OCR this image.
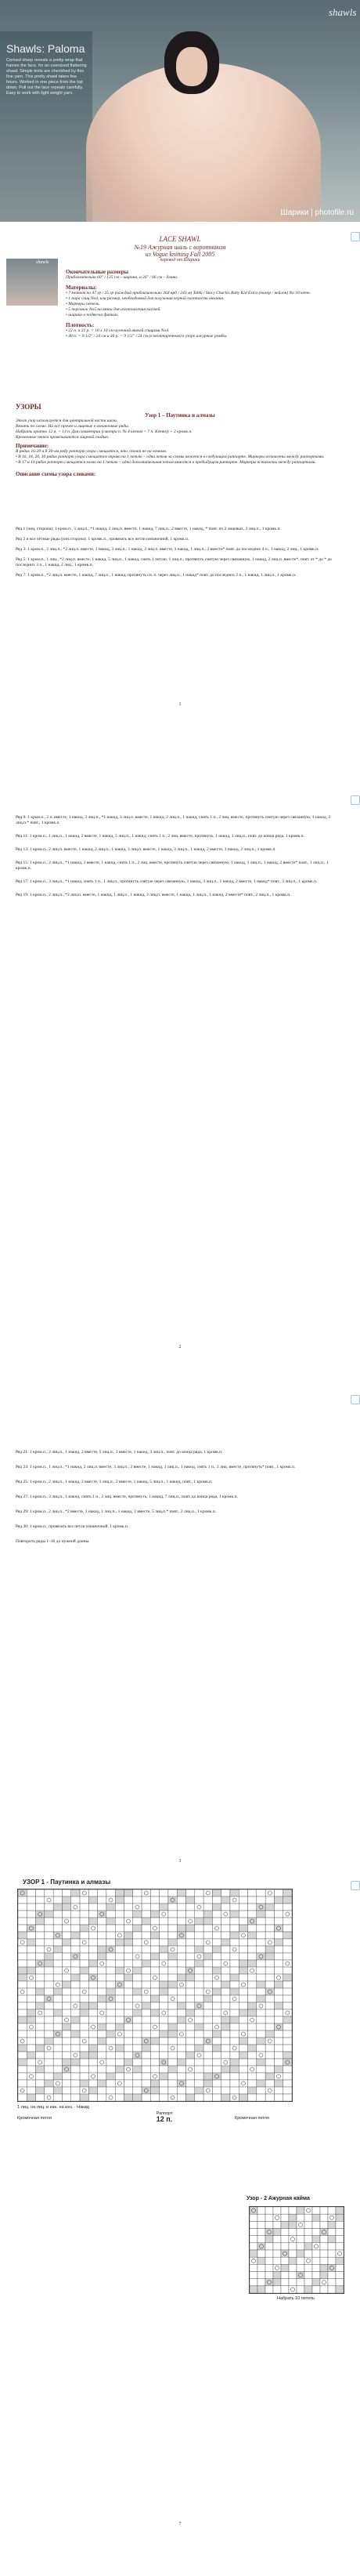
shawls
Shawls: Paloma
Cerised sharp reveals a pretty wrap that frames the face, for an oversized flattering shawl. Simple knits are cherished by this fine yarn. This pretty shawl takes few hours. Worked in one piece from the top down. Pull out the lace repeats carefully. Easy to work with light weight yarn.
Шарики | photofile.ru
shawls
LACE SHAWL
№19 Ажурная шаль с воротником
из Vogue knitting Fall 2005
перевод от Шарики
Окончательные размеры
Приблизительно 60" / 125 см – ширина, и 26" / 66 см – длина.
Материалы:
• 7 мотков по 47 гр / 25 гр (каждый приблизительно 264 ярд / 243 м) Tahki / Stacy Charles Baby Kid Extra (мохер / нейлон) No 10 кетч.
• 1 пара спиц No4, или размер, необходимый для получения верной плотности вязания.
• Маркеры петель.
• 5 персонок No5 на вязки для изготовления кистей.
• шарики и подвеска фитиль
Плотность:
• 22 п. и 21 р. = 10 х 10 см чулочной вязкой спицами No4.
• 40 п. = 9 1/2" / 24 см и 36 р. = 9 1/2" / 24 см (в неотпаренном) в узоре ажурные ромбы.
УЗОРЫ
Узор 1 – Паутинка и алмазы
Этот узор используется для центральной части шали.
Вязать по схеме. На всё прочее и лицевые в изнаночные ряды.
Набрать кратно 12 п. + 13 п. Для симметрии (смотри п. № 4 кетом + 7 п. Кетт)) + 2 кромк.п.
Кромочные петли провязываются лицевой гладью.
Примечание:
В рядах 16-20 и 8 30-ом ряду раппорт узора смещается, что стоит не на ночном.
• В 16, 18, 20, 30 рядах раппорт узора смещается вправо на 1 петлю – одна петля за схемы вяжется в следующем раппорте. Маркеры вставлены между раппортами.
• В 17 и 19 рядах раппорт смещается влево на 1 петлю – одна дополнительная петля вяжется в предыдущем раппорте. Маркеры вставлены между раппортами.
Описание схемы узора словами:
Ряд 1 (лиц, сторона): 1 кром.п., 3 лиц.п., *1 накид, 2 лиц.п. вместе, 1 накид, 7 лиц.п., 2 вместе, 1 накид, * повт. по 2 лицевых, 3 лиц.п., 1 кромк.п.
Ряд 2 и все чётные ряды (изн.сторона): 1 кромк.п., провязать все петли изнаночной, 1 кромк.п.
Ряд 3: 1 кром.п., 2 лиц.п., *2 лиц.п. вместе, 1 накид, 3 лиц.п., 1 накид, 2 лиц.п. вместе, 1 накид, 1 лиц.п., 2 вместе* повт. до последних 4 п., 1 накид, 2 лиц., 1 кромк.п.
Ряд 5: 1 кром.п., 1 лиц., *2 лиц.п. вместе, 1 накид, 5 лиц.п., 1 накид, снять 1 петлю, 1 лиц.п., протянуть снятую через связанную, 1 накид, 2 лиц.п. вместе*, повт. от * до * до последних 3 п., 1 накид, 2 лиц., 1 кромк.п.
Ряд 7: 1 кром.п., *2 лиц.п. вместе, 1 накид, 7 лиц.п., 1 накид, протянуть сн. п. через лиц.п., 1 накид* повт. до последних 2 п., 1 накид, 1 лиц.п., 1 кромк.п.
1
Ряд 9: 1 кром.п., 2 п. вместе, 1 накид, 3 лиц.п., *1 накид, 3 лиц.п. вместе, 1 накид, 2 лиц.п., 1 накид, снять 1 п., 2 лиц. вместе, протянуть снятую через связанную, 1 накид, 3 лиц.п.* повт., 1 кромк.п.
Ряд 11: 1 кром.п., 1 лиц.п., 1 накид, 2 вместе, 1 накид, 5 лиц.п., 1 накид, снять 1 п., 2 лиц. вместе, протянуть, 1 накид, 1 лиц.п., повт. до конца ряда, 1 кромк.п.
Ряд 13: 1 кром.п., 2 лиц.п. вместе, 1 накид, 2 лиц.п., 1 накид, 3 лиц.п. вместе, 1 накид, 3 лиц.п., 1 накид, 2 вместе, 1 накид, 2 лиц.п., 1 кромк.п.
Ряд 15: 1 кром.п., 2 лиц.п., *1 накид, 2 вместе, 1 накид, снять 1 п., 2 лиц. вместе, протянуть снятую через связанную, 1 накид, 1 лиц.п., 1 накид, 2 вместе* повт., 1 лиц.п., 1 кромк.п.
Ряд 17: 1 кром.п., 3 лиц.п., *1 накид, снять 1 п., 1 лиц.п., протянуть снятую через связанную, 1 накид, 3 лиц.п., 1 накид, 2 вместе, 1 накид* повт., 3 лиц.п., 1 кромк.п.
Ряд 19: 1 кром.п., 2 лиц.п., *2 лиц.п. вместе, 1 накид, 1 лиц.п., 1 накид, 3 лиц.п. вместе, 1 накид, 1 лиц.п., 1 накид, 2 вместе* повт., 2 лиц.п., 1 кромк.п.
2
Ряд 21: 1 кром.п., 2 лиц.п., 1 накид, 2 вместе, 5 лиц.п., 2 вместе, 1 накид, 3 лиц.п., повт. до конца ряда, 1 кромк.п.
Ряд 23: 1 кром.п., 1 лиц.п., *1 накид, 2 лиц.п. вместе, 3 лиц.п., 2 вместе, 1 накид, 1 лиц.п., 1 накид, снять 1 п., 2 лиц. вместе, протянуть* повт., 1 кромк.п.
Ряд 25: 1 кром.п., 2 лиц.п., 1 накид, 2 вместе, 1 лиц.п., 2 вместе, 1 накид, 5 лиц.п., 1 накид, повт., 1 кромк.п.
Ряд 27: 1 кром.п., 3 лиц.п., 1 накид, снять 1 п., 2 лиц. вместе, протянуть, 1 накид, 7 лиц.п., повт. до конца ряда, 1 кромк.п.
Ряд 29: 1 кром.п., 2 лиц.п., *2 вместе, 1 накид, 1 лиц.п., 1 накид, 2 вместе, 5 лиц.п.* повт., 2 лиц.п., 1 кромк.п.
Ряд 30: 1 кром.п., провязать все петли изнаночной, 1 кромк.п.
Повторить ряды 1–30 до нужной длины.
3
УЗОР 1 - Паутинка и алмазы
1 лиц. на лиц. и изн. на изн. · Накид
Кромочная петля	Кромочная петля
Раппорт
12 п.
Узор - 2 Ажурная кайма
Набрать 10 петель
7
